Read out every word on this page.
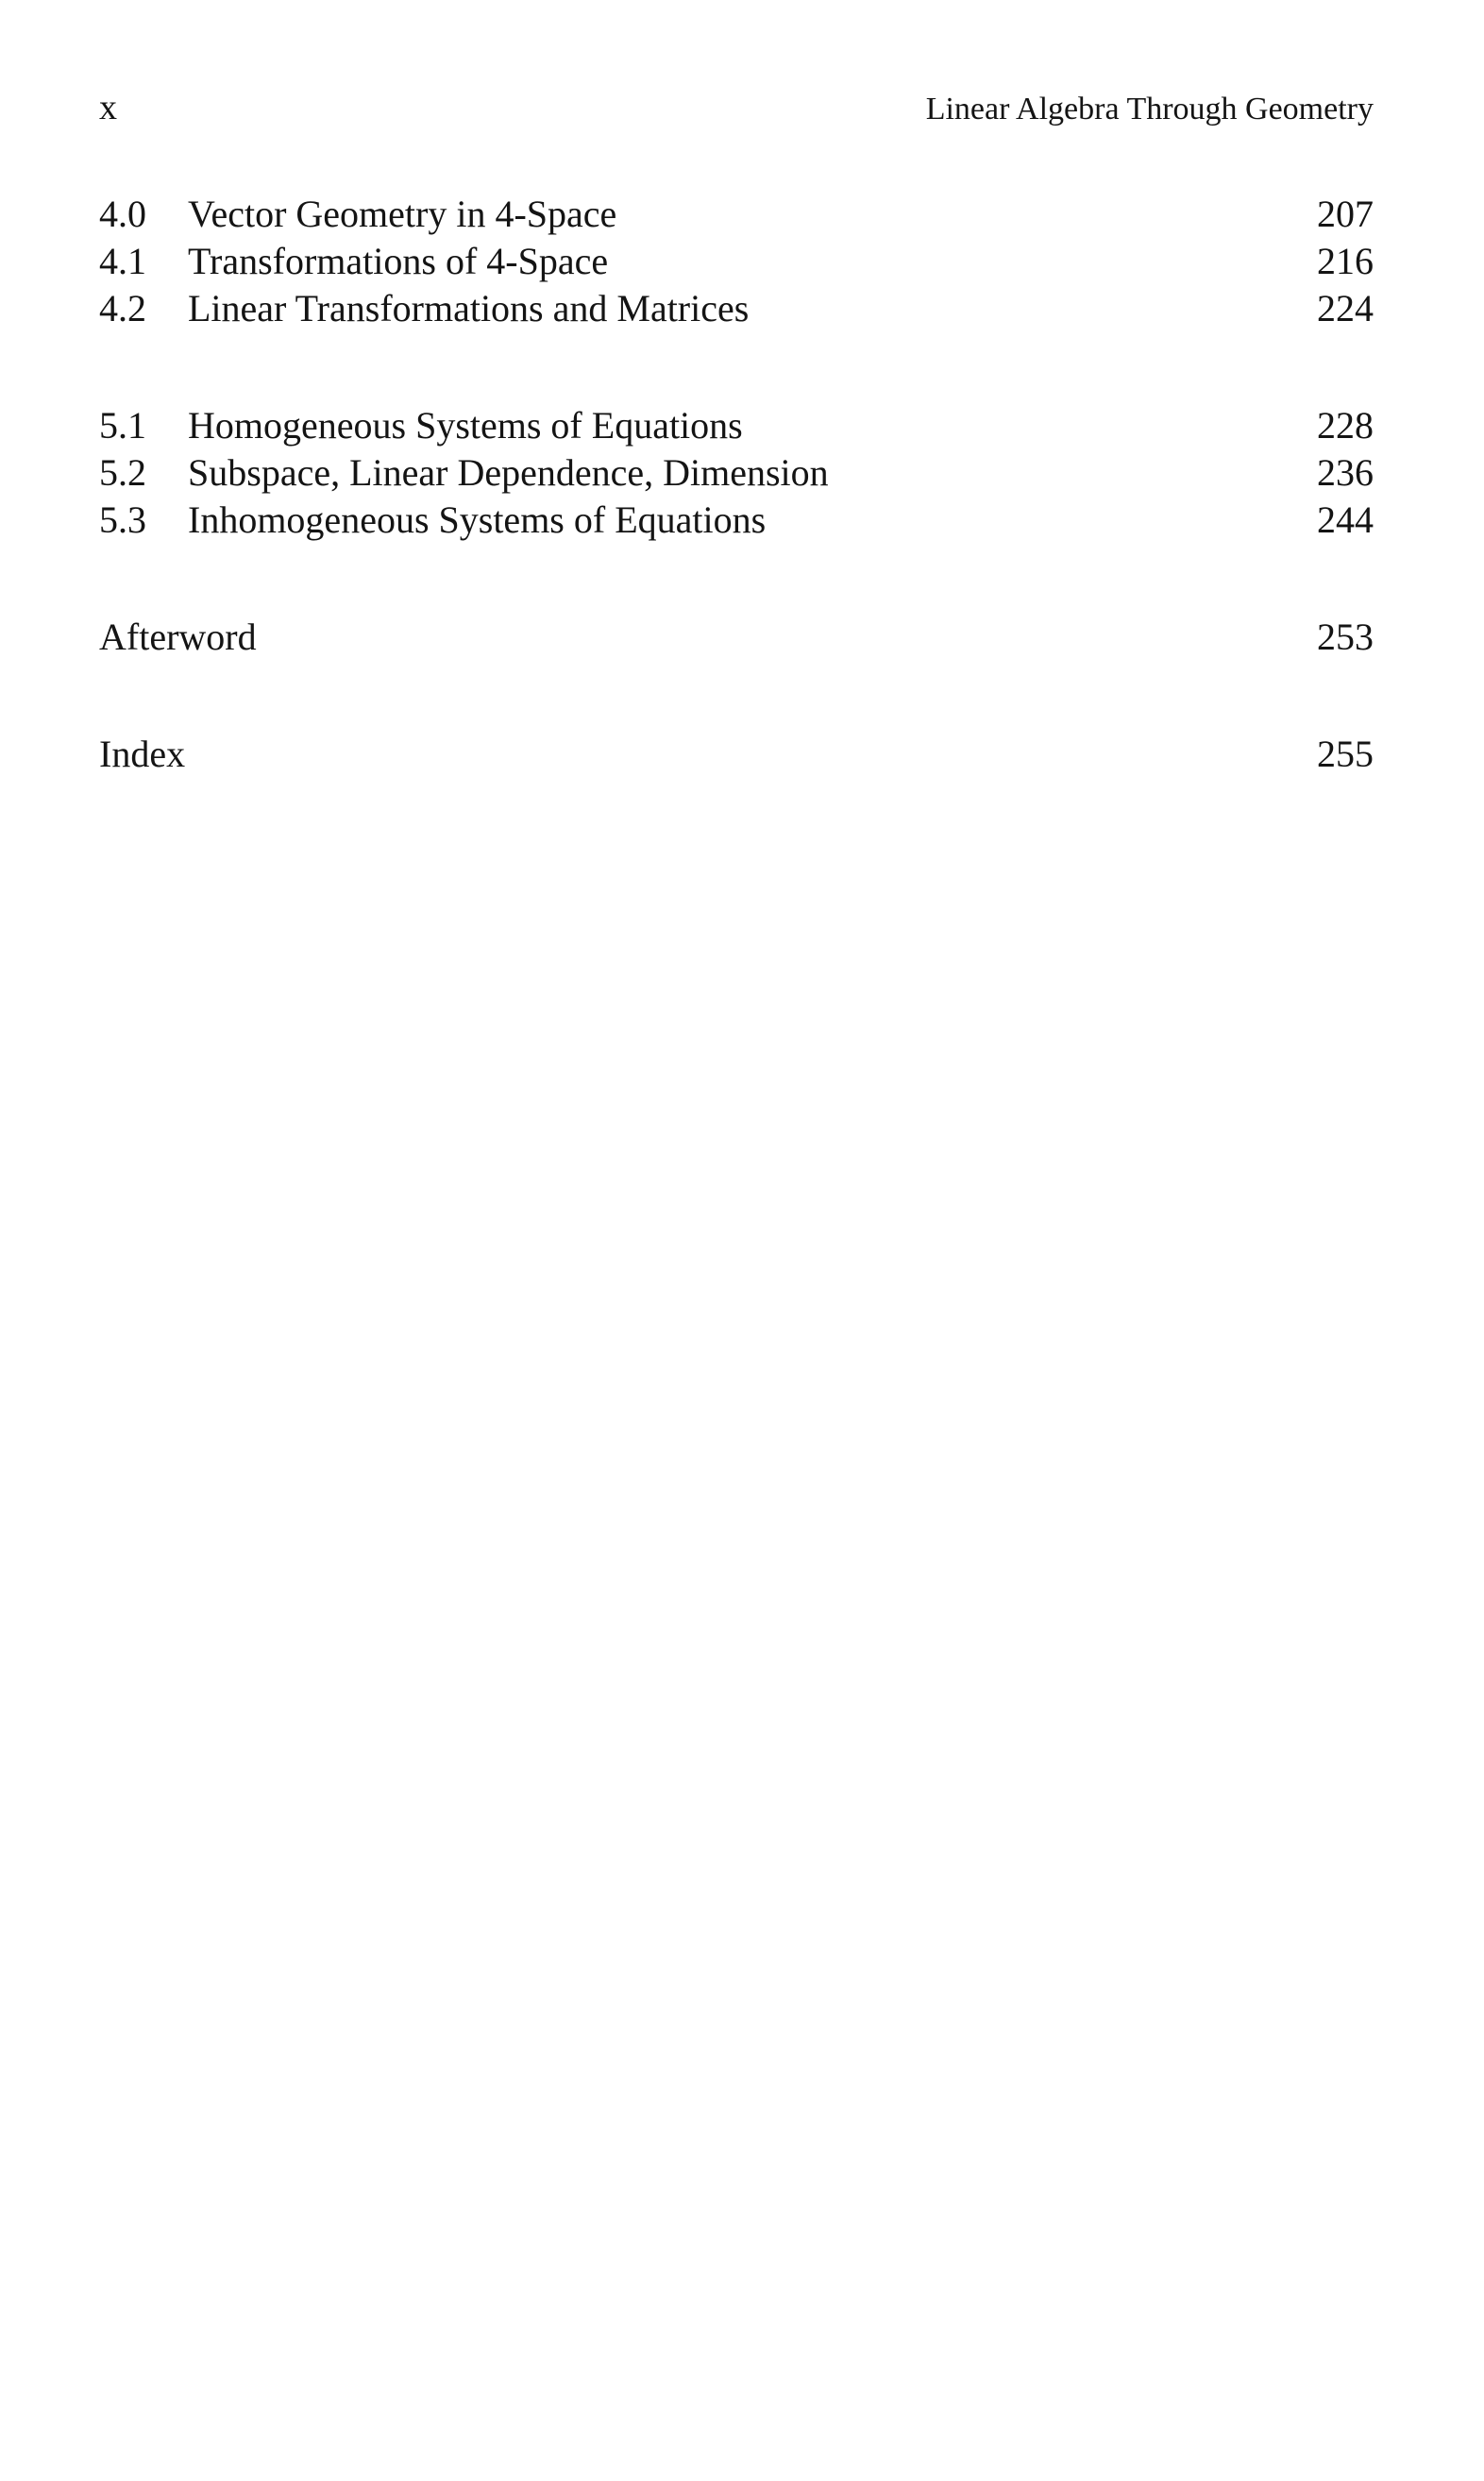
x	Linear Algebra Through Geometry
4.0	Vector Geometry in 4-Space	207
4.1	Transformations of 4-Space	216
4.2	Linear Transformations and Matrices	224
5.1	Homogeneous Systems of Equations	228
5.2	Subspace, Linear Dependence, Dimension	236
5.3	Inhomogeneous Systems of Equations	244
Afterword	253
Index	255
